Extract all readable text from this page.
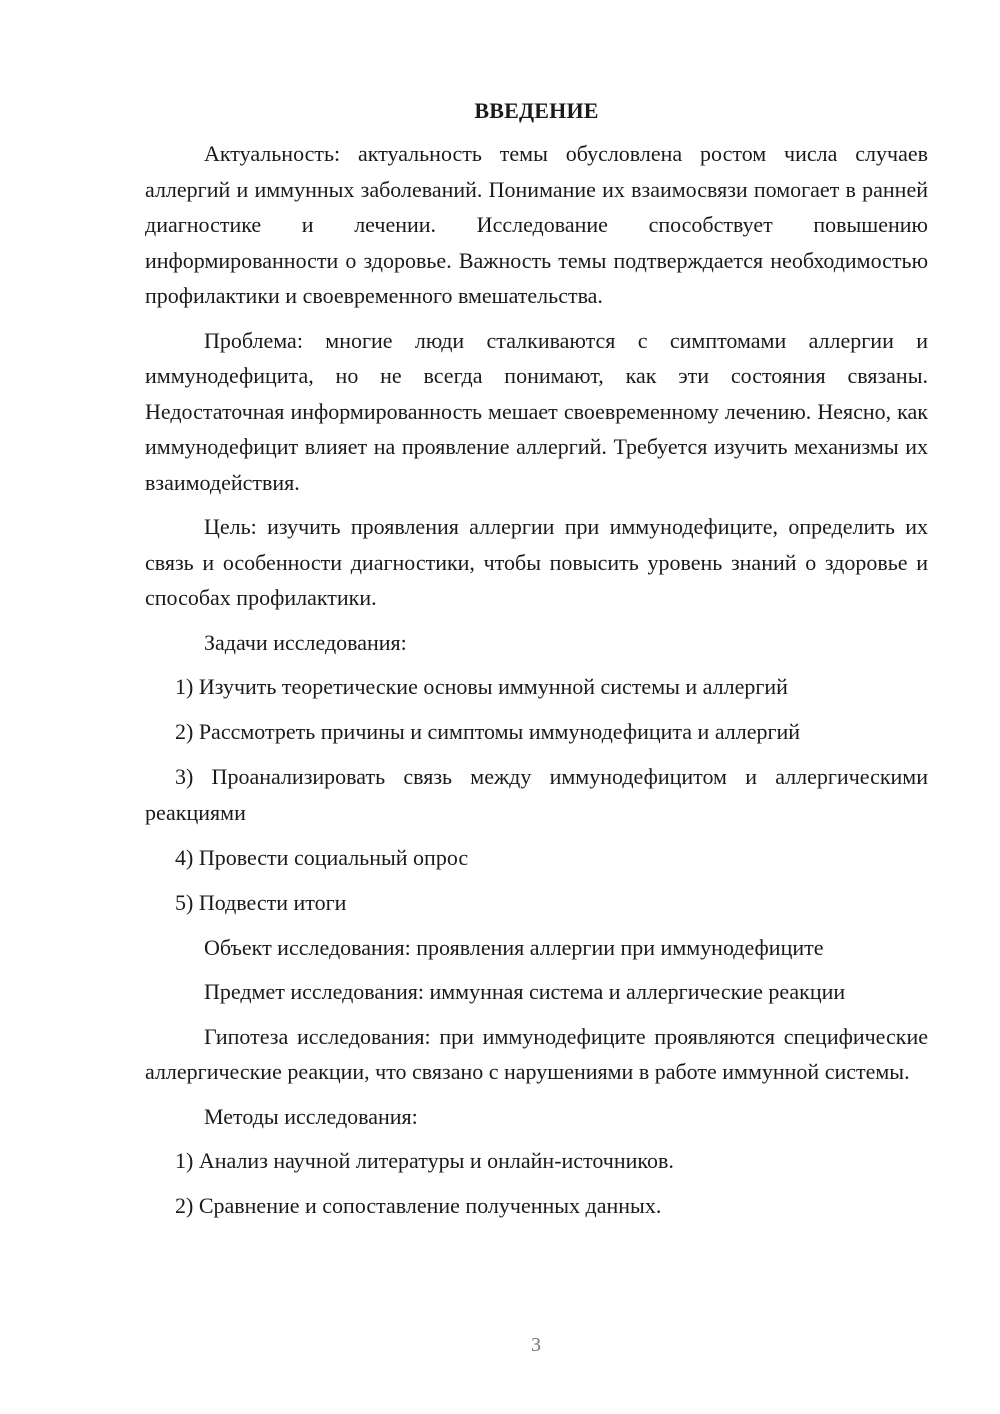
ВВЕДЕНИЕ

Актуальность: актуальность темы обусловлена ростом числа случаев аллергий и иммунных заболеваний. Понимание их взаимосвязи помогает в ранней диагностике и лечении. Исследование способствует повышению информированности о здоровье. Важность темы подтверждается необходимостью профилактики и своевременного вмешательства.

Проблема: многие люди сталкиваются с симптомами аллергии и иммунодефицита, но не всегда понимают, как эти состояния связаны. Недостаточная информированность мешает своевременному лечению. Неясно, как иммунодефицит влияет на проявление аллергий. Требуется изучить механизмы их взаимодействия.

Цель: изучить проявления аллергии при иммунодефиците, определить их связь и особенности диагностики, чтобы повысить уровень знаний о здоровье и способах профилактики.

Задачи исследования:

1) Изучить теоретические основы иммунной системы и аллергий

2) Рассмотреть причины и симптомы иммунодефицита и аллергий

3) Проанализировать связь между иммунодефицитом и аллергическими реакциями

4) Провести социальный опрос

5) Подвести итоги

Объект исследования: проявления аллергии при иммунодефиците

Предмет исследования: иммунная система и аллергические реакции

Гипотеза исследования: при иммунодефиците проявляются специфические аллергические реакции, что связано с нарушениями в работе иммунной системы.

Методы исследования:

1) Анализ научной литературы и онлайн-источников.

2) Сравнение и сопоставление полученных данных.

3
